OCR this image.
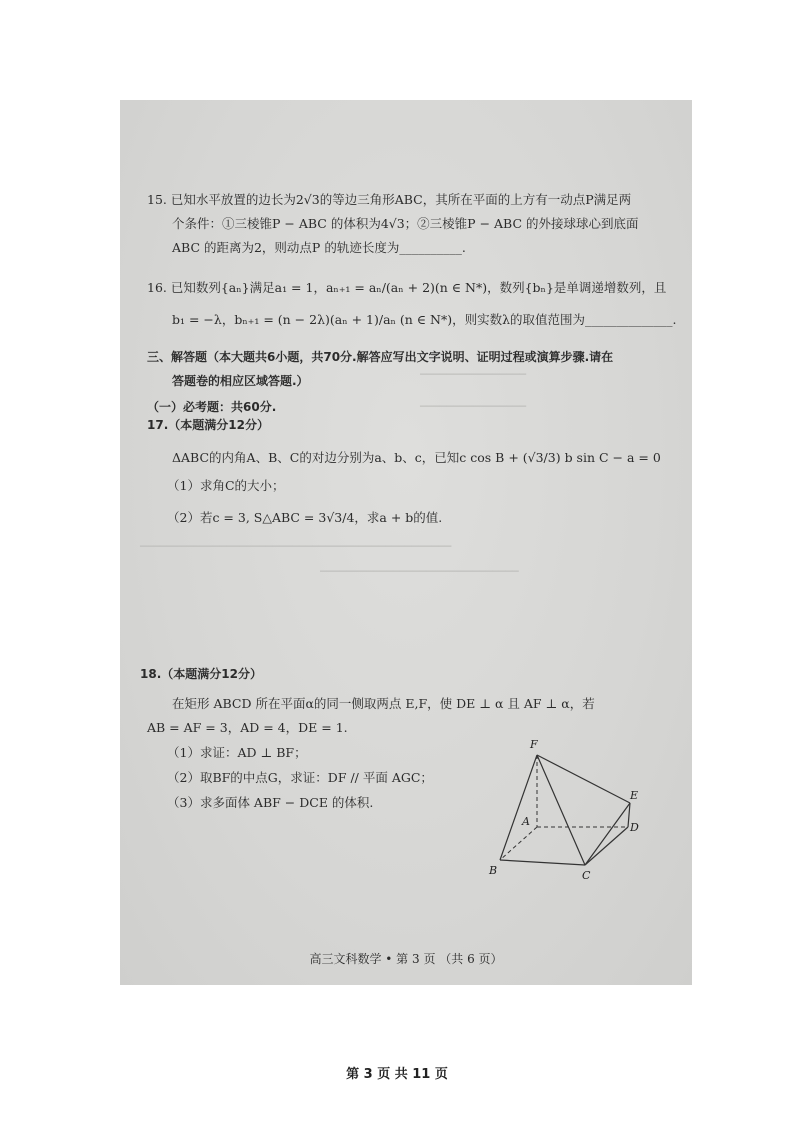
────────────────
────────────────
───────────────────────────────────────────────
──────────────────────────────
15. 已知水平放置的边长为2√3的等边三角形ABC，其所在平面的上方有一动点P满足两
个条件：①三棱锥P − ABC 的体积为4√3；②三棱锥P − ABC 的外接球球心到底面
ABC 的距离为2，则动点P 的轨迹长度为__________.
16. 已知数列{aₙ}满足a₁ = 1，aₙ₊₁ = aₙ/(aₙ + 2)(n ∈ N*)，数列{bₙ}是单调递增数列，且
b₁ = −λ，bₙ₊₁ = (n − 2λ)(aₙ + 1)/aₙ (n ∈ N*)，则实数λ的取值范围为______________.
三、解答题（本大题共6小题，共70分.解答应写出文字说明、证明过程或演算步骤.请在
答题卷的相应区域答题.）
（一）必考题：共60分.
17.（本题满分12分）
ΔABC的内角A、B、C的对边分别为a、b、c，已知c cos B + (√3/3) b sin C − a = 0
（1）求角C的大小；
（2）若c = 3, S△ABC = 3√3/4，求a + b的值.
18.（本题满分12分）
在矩形 ABCD 所在平面α的同一侧取两点 E,F，使 DE ⊥ α 且 AF ⊥ α，若
AB = AF = 3，AD = 4，DE = 1.
（1）求证：AD ⊥ BF；
（2）取BF的中点G，求证：DF // 平面 AGC；
（3）求多面体 ABF − DCE 的体积.
F
E
A	D
B	C
高三文科数学 • 第 3 页 （共 6 页）
第 3 页 共 11 页
